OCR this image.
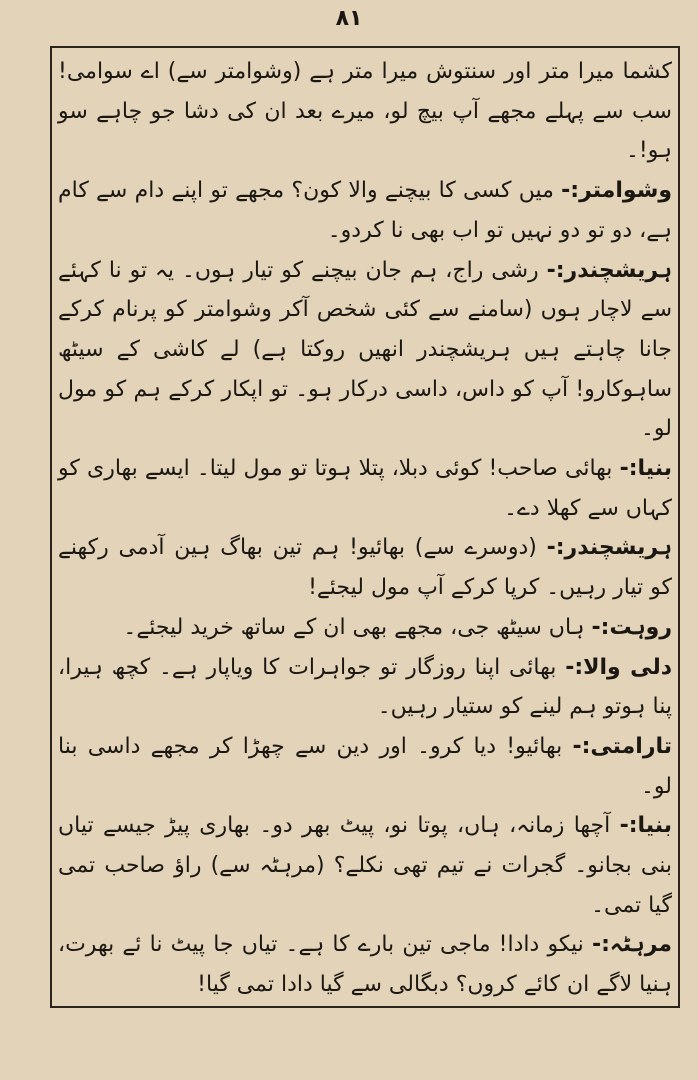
۸۱

کشما میرا متر اور سنتوش میرا متر ہے (وشوامتر سے) اے سوامی! سب سے پہلے مجھے آپ بیچ لو، میرے بعد ان کی دشا جو چاہے سو ہو!۔

وشوامتر:- میں کسی کا بیچنے والا کون؟ مجھے تو اپنے دام سے کام ہے، دو تو دو نہیں تو اب بھی نا کردو۔

ہریشچندر:- رشی راج، ہم جان بیچنے کو تیار ہوں۔ یہ تو نا کہئے سے لاچار ہوں (سامنے سے کئی شخص آکر وشوامتر کو پرنام کرکے جانا چاہتے ہیں ہریشچندر انھیں روکتا ہے) لے کاشی کے سیٹھ ساہوکارو! آپ کو داس، داسی درکار ہو۔ تو اپکار کرکے ہم کو مول لو۔

بنیا:- بھائی صاحب! کوئی دبلا، پتلا ہوتا تو مول لیتا۔ ایسے بھاری کو کہاں سے کھلا دے۔

ہریشچندر:- (دوسرے سے) بھائیو! ہم تین بھاگ ہین آدمی رکھنے کو تیار رہیں۔ کرپا کرکے آپ مول لیجئے!

روہت:- ہاں سیٹھ جی، مجھے بھی ان کے ساتھ خرید لیجئے۔

دلی والا:- بھائی اپنا روزگار تو جواہرات کا ویاپار ہے۔ کچھ ہیرا، پنا ہوتو ہم لینے کو ستیار رہیں۔

تارامتی:- بھائیو! دیا کرو۔ اور دین سے چھڑا کر مجھے داسی بنا لو۔

بنیا:- آچھا زمانہ، ہاں، پوتا نو، پیٹ بھر دو۔ بھاری پیڑ جیسے تیاں بنی بجانو۔ گجرات نے تیم تھی نکلے؟ (مرہٹہ سے) راؤ صاحب تمی گیا تمی۔

مرہٹہ:- نیکو دادا! ماجی تین بارے کا ہے۔ تیاں جا پیٹ نا ئے بھرت، ہنیا لاگے ان کائے کروں؟ دبگالی سے گیا دادا تمی گیا!
